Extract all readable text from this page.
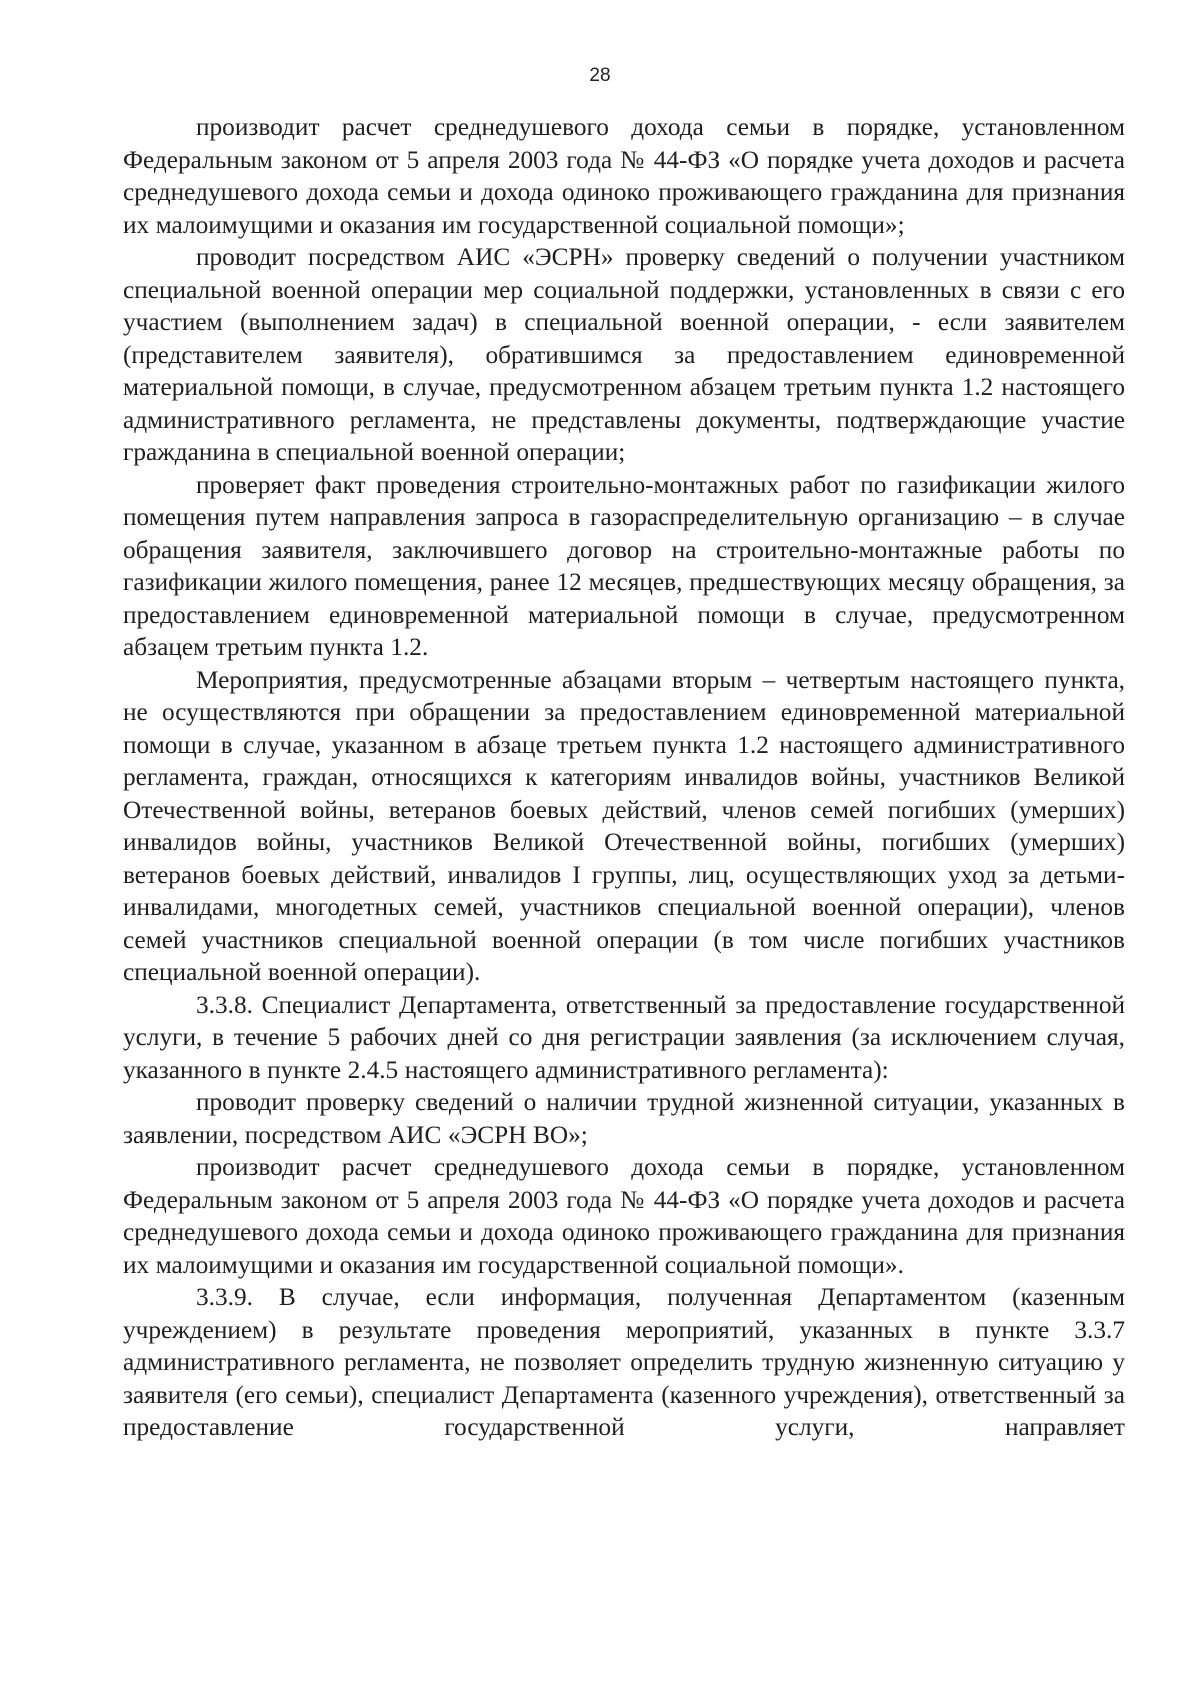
28

производит расчет среднедушевого дохода семьи в порядке, установленном Федеральным законом от 5 апреля 2003 года № 44-ФЗ «О порядке учета доходов и расчета среднедушевого дохода семьи и дохода одиноко проживающего гражданина для признания их малоимущими и оказания им государственной социальной помощи»;

проводит посредством АИС «ЭСРН» проверку сведений о получении участником специальной военной операции мер социальной поддержки, установленных в связи с его участием (выполнением задач) в специальной военной операции, - если заявителем (представителем заявителя), обратившимся за предоставлением единовременной материальной помощи, в случае, предусмотренном абзацем третьим пункта 1.2 настоящего административного регламента, не представлены документы, подтверждающие участие гражданина в специальной военной операции;

проверяет факт проведения строительно-монтажных работ по газификации жилого помещения путем направления запроса в газораспределительную организацию – в случае обращения заявителя, заключившего договор на строительно-монтажные работы по газификации жилого помещения, ранее 12 месяцев, предшествующих месяцу обращения, за предоставлением единовременной материальной помощи в случае, предусмотренном абзацем третьим пункта 1.2.

Мероприятия, предусмотренные абзацами вторым – четвертым настоящего пункта, не осуществляются при обращении за предоставлением единовременной материальной помощи в случае, указанном в абзаце третьем пункта 1.2 настоящего административного регламента, граждан, относящихся к категориям инвалидов войны, участников Великой Отечественной войны, ветеранов боевых действий, членов семей погибших (умерших) инвалидов войны, участников Великой Отечественной войны, погибших (умерших) ветеранов боевых действий, инвалидов I группы, лиц, осуществляющих уход за детьми-инвалидами, многодетных семей, участников специальной военной операции), членов семей участников специальной военной операции (в том числе погибших участников специальной военной операции).

3.3.8. Специалист Департамента, ответственный за предоставление государственной услуги, в течение 5 рабочих дней со дня регистрации заявления (за исключением случая, указанного в пункте 2.4.5 настоящего административного регламента):

проводит проверку сведений о наличии трудной жизненной ситуации, указанных в заявлении, посредством АИС «ЭСРН ВО»;

производит расчет среднедушевого дохода семьи в порядке, установленном Федеральным законом от 5 апреля 2003 года № 44-ФЗ «О порядке учета доходов и расчета среднедушевого дохода семьи и дохода одиноко проживающего гражданина для признания их малоимущими и оказания им государственной социальной помощи».

3.3.9. В случае, если информация, полученная Департаментом (казенным учреждением) в результате проведения мероприятий, указанных в пункте 3.3.7 административного регламента, не позволяет определить трудную жизненную ситуацию у заявителя (его семьи), специалист Департамента (казенного учреждения), ответственный за предоставление государственной услуги, направляет
